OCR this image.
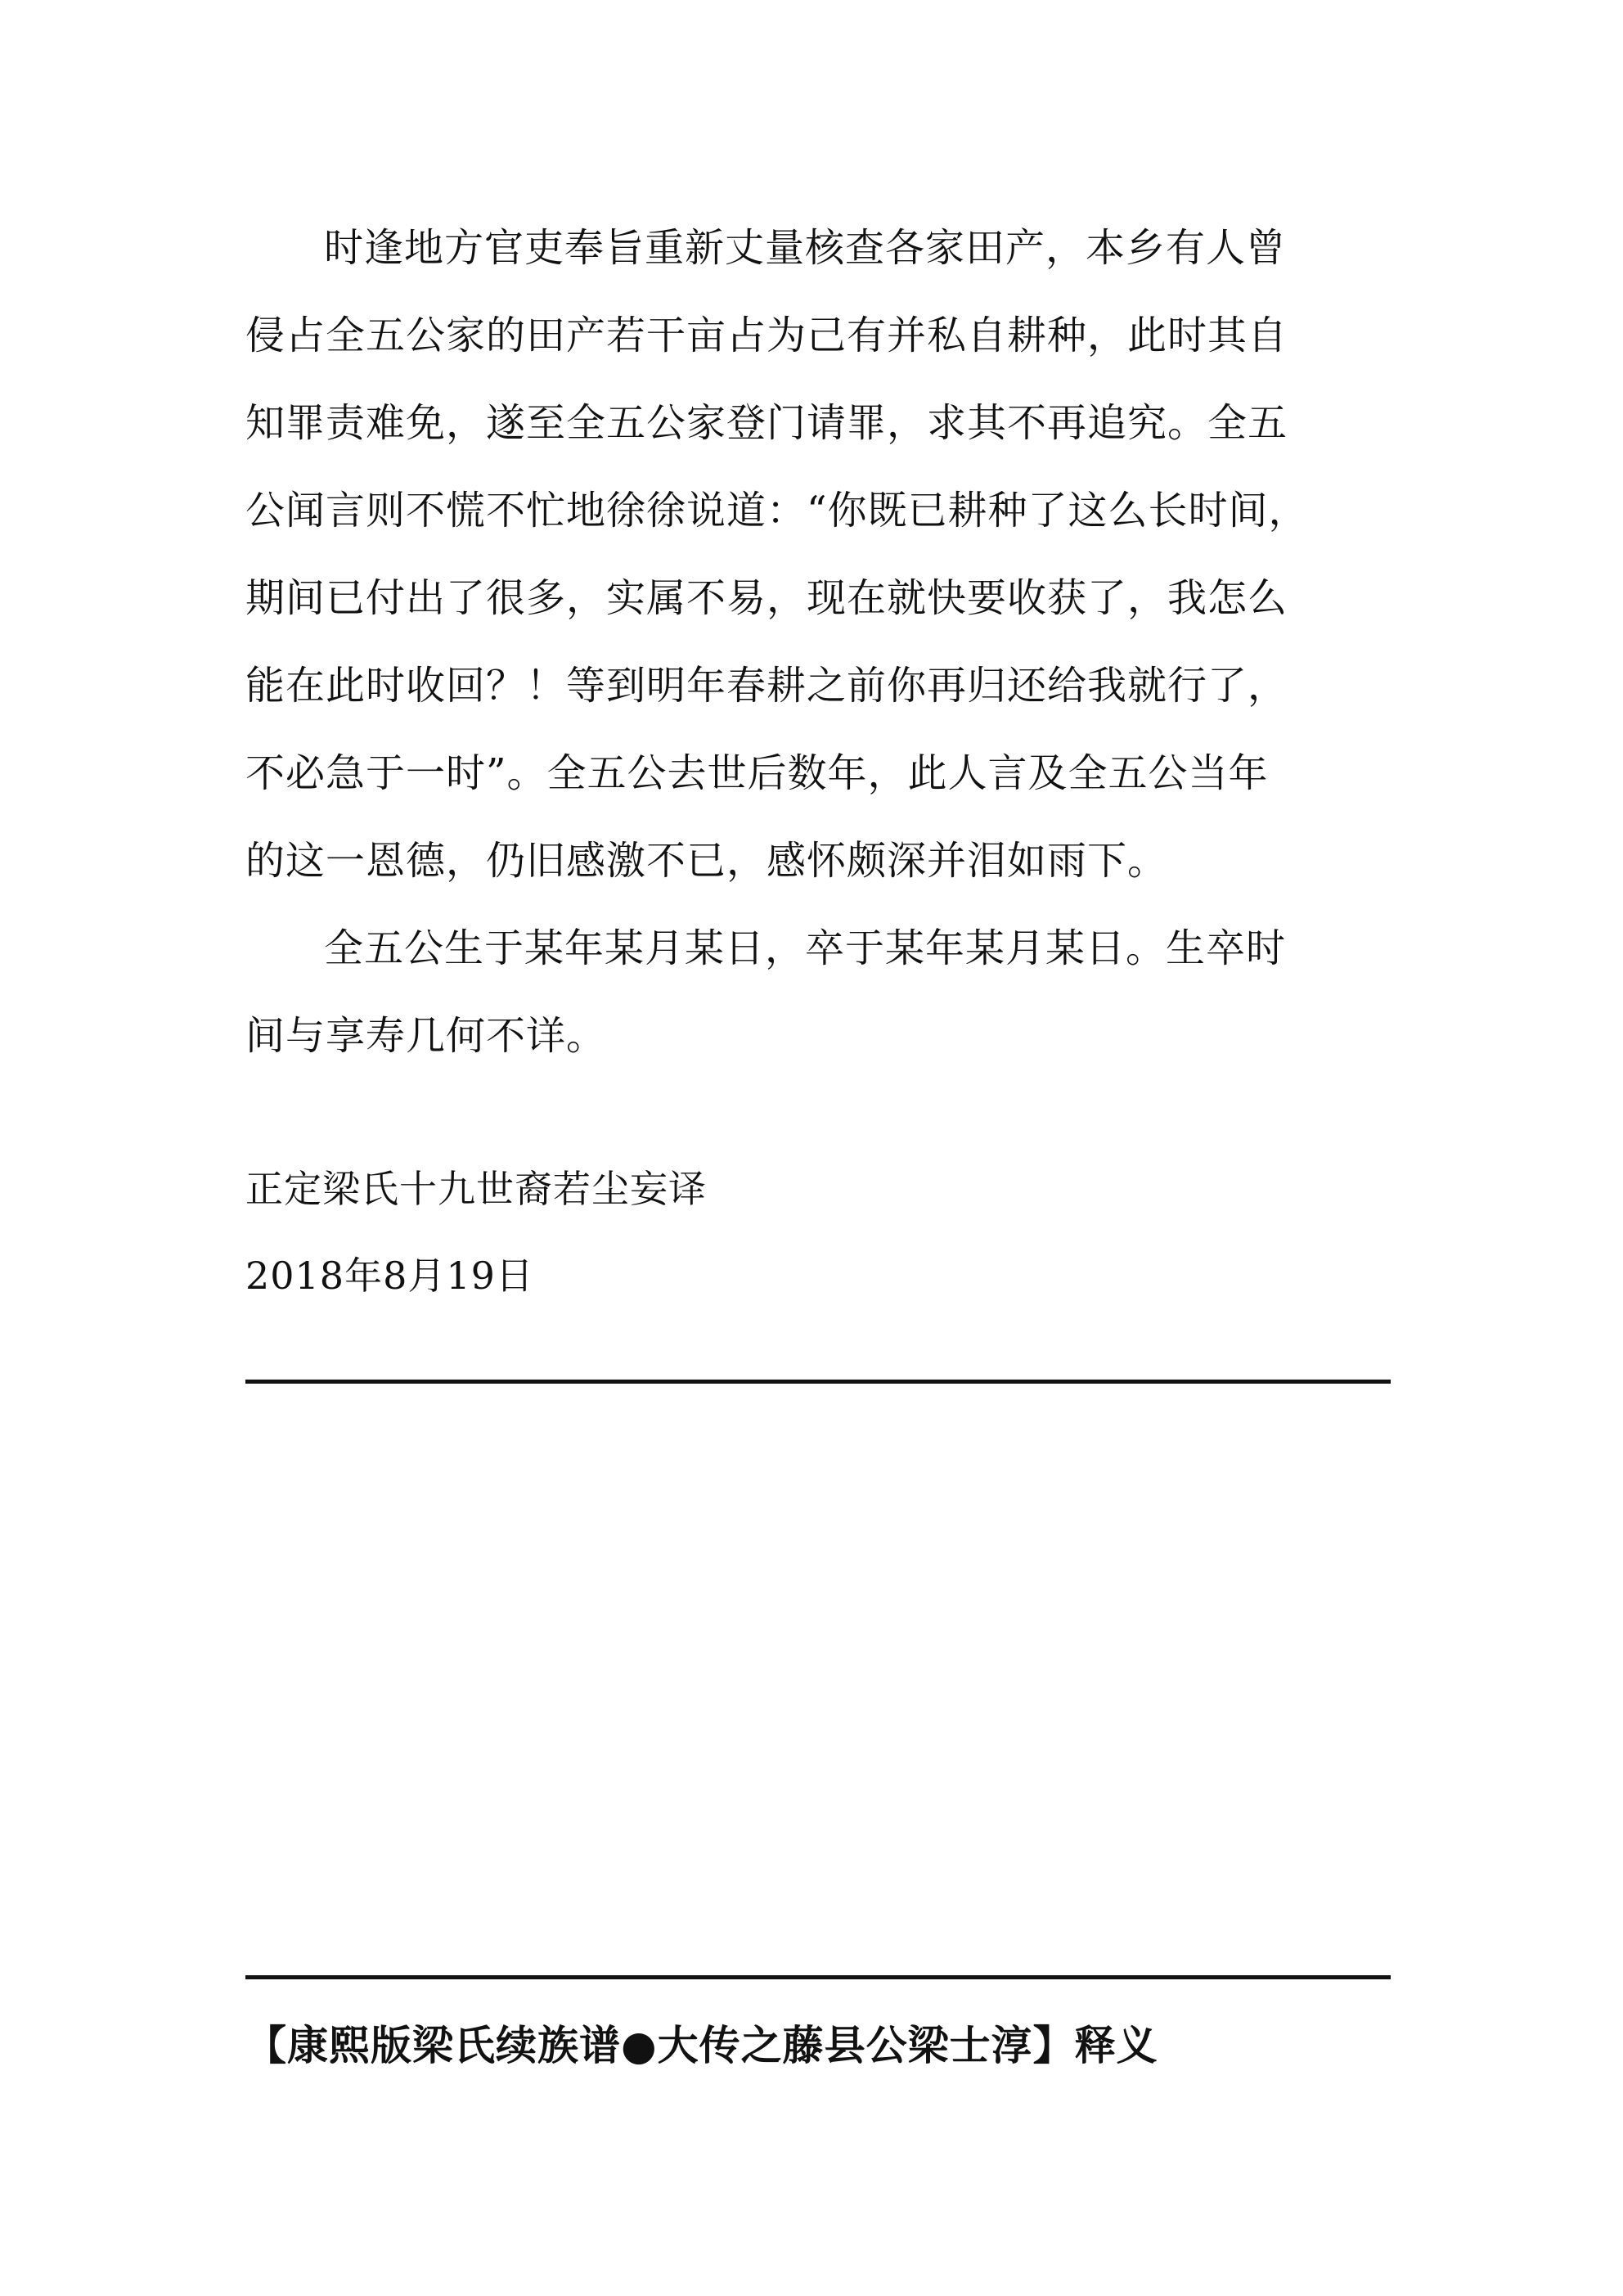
时逢地方官吏奉旨重新丈量核查各家田产，本乡有人曾
侵占全五公家的田产若干亩占为己有并私自耕种，此时其自
知罪责难免，遂至全五公家登门请罪，求其不再追究。全五
公闻言则不慌不忙地徐徐说道：“你既已耕种了这么长时间，
期间已付出了很多，实属不易，现在就快要收获了，我怎么
能在此时收回？！等到明年春耕之前你再归还给我就行了，
不必急于一时”。全五公去世后数年，此人言及全五公当年
的这一恩德，仍旧感激不已，感怀颇深并泪如雨下。

全五公生于某年某月某日，卒于某年某月某日。生卒时
间与享寿几何不详。

正定梁氏十九世裔若尘妄译
2018年8月19日
【康熙版梁氏续族谱●大传之藤县公梁士淳】释义
